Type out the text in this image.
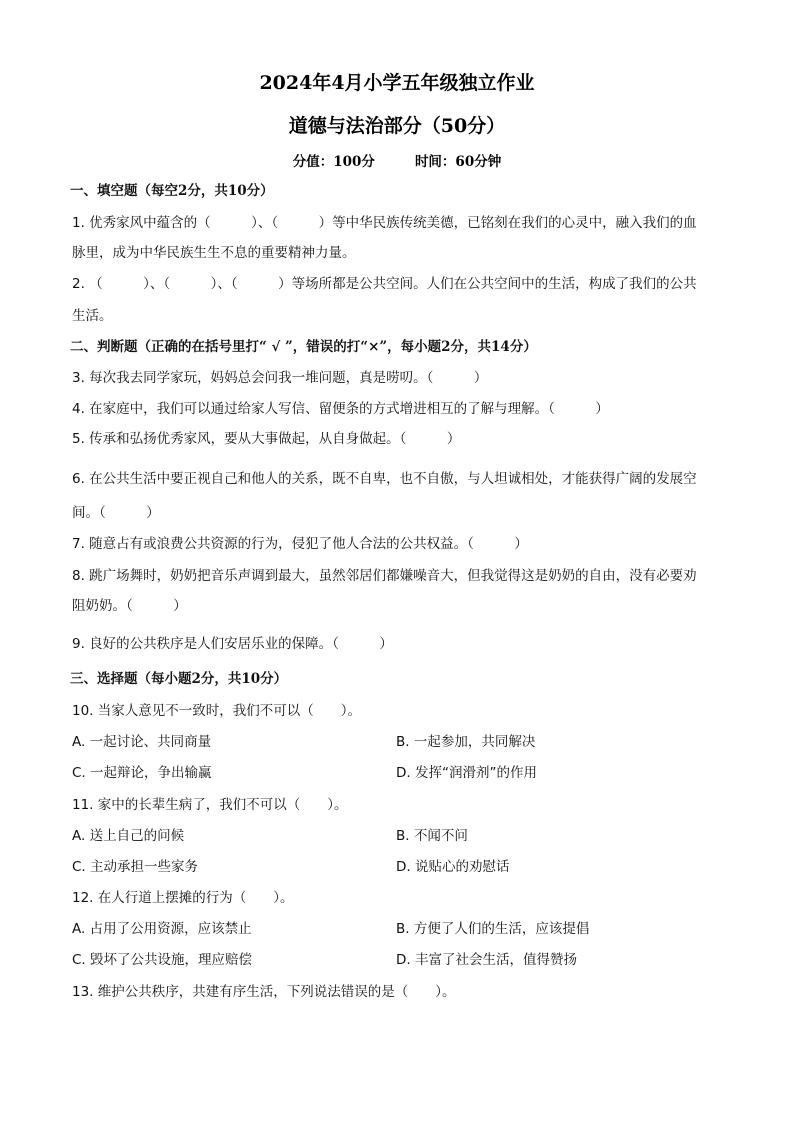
2024年4月小学五年级独立作业
道德与法治部分（50分）
分值：100分	时间：60分钟
一、填空题（每空2分，共10分）
1. 优秀家风中蕴含的（　　　）、（　　　）等中华民族传统美德，已铭刻在我们的心灵中，融入我们的血
脉里，成为中华民族生生不息的重要精神力量。
2. （　　　）、（　　　）、（　　　）等场所都是公共空间。人们在公共空间中的生活，构成了我们的公共
生活。
二、判断题（正确的在括号里打“ √ ”，错误的打“×”，每小题2分，共14分）
3. 每次我去同学家玩，妈妈总会问我一堆问题，真是唠叨。（　　　）
4. 在家庭中，我们可以通过给家人写信、留便条的方式增进相互的了解与理解。（　　　）
5. 传承和弘扬优秀家风，要从大事做起，从自身做起。（　　　）
6. 在公共生活中要正视自己和他人的关系，既不自卑，也不自傲，与人坦诚相处，才能获得广阔的发展空
间。（　　　）
7. 随意占有或浪费公共资源的行为，侵犯了他人合法的公共权益。（　　　）
8. 跳广场舞时，奶奶把音乐声调到最大，虽然邻居们都嫌噪音大，但我觉得这是奶奶的自由，没有必要劝
阻奶奶。（　　　）
9. 良好的公共秩序是人们安居乐业的保障。（　　　）
三、选择题（每小题2分，共10分）
10. 当家人意见不一致时，我们不可以（　　）。
A. 一起讨论、共同商量	B. 一起参加，共同解决
C. 一起辩论，争出输赢	D. 发挥“润滑剂”的作用
11. 家中的长辈生病了，我们不可以（　　）。
A. 送上自己的问候	B. 不闻不问
C. 主动承担一些家务	D. 说贴心的劝慰话
12. 在人行道上摆摊的行为（　　）。
A. 占用了公用资源，应该禁止	B. 方便了人们的生活，应该提倡
C. 毁坏了公共设施，理应赔偿	D. 丰富了社会生活，值得赞扬
13. 维护公共秩序，共建有序生活，下列说法错误的是（　　）。
